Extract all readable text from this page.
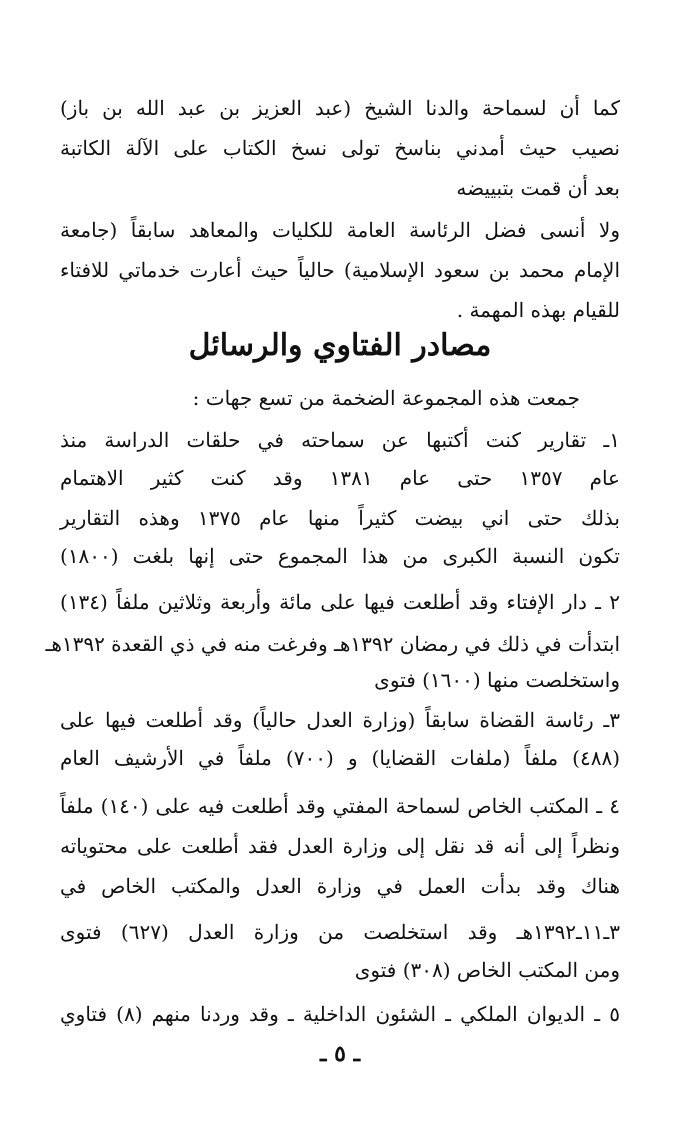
كما أن لسماحة والدنا الشيخ (عبد العزيز بن عبد الله بن باز)
نصيب حيث أمدني بناسخ تولى نسخ الكتاب على الآلة الكاتبة
بعد أن قمت بتبييضه
ولا أنسى فضل الرئاسة العامة للكليات والمعاهد سابقاً (جامعة
الإمام محمد بن سعود الإسلامية) حالياً حيث أعارت خدماتي للافتاء
للقيام بهذه المهمة .
مصادر الفتاوي والرسائل
جمعت هذه المجموعة الضخمة من تسع جهات :
١ـ تقارير كنت أكتبها عن سماحته في حلقات الدراسة منذ
عام ١٣٥٧ حتى عام ١٣٨١ وقد كنت كثير الاهتمام
بذلك حتى اني بيضت كثيراً منها عام ١٣٧٥ وهذه التقارير
تكون النسبة الكبرى من هذا المجموع حتى إنها بلغت (١٨٠٠)
٢ ـ دار الإفتاء وقد أطلعت فيها على مائة وأربعة وثلاثين ملفاً (١٣٤)
ابتدأت في ذلك في رمضان ١٣٩٢هـ وفرغت منه في ذي القعدة ١٣٩٢هـ
واستخلصت منها (١٦٠٠) فتوى
٣ـ رئاسة القضاة سابقاً (وزارة العدل حالياً) وقد أطلعت فيها على
(٤٨٨) ملفاً (ملفات القضايا) و (٧٠٠) ملفاً في الأرشيف العام
٤ ـ المكتب الخاص لسماحة المفتي وقد أطلعت فيه على (١٤٠) ملفاً
ونظراً إلى أنه قد نقل إلى وزارة العدل فقد أطلعت على محتوياته
هناك وقد بدأت العمل في وزارة العدل والمكتب الخاص في
٣ـ١١ـ١٣٩٢هـ وقد استخلصت من وزارة العدل (٦٢٧) فتوى
ومن المكتب الخاص (٣٠٨) فتوى
٥ ـ الديوان الملكي ـ الشئون الداخلية ـ وقد وردنا منهم (٨) فتاوي
ـ ٥ ـ
